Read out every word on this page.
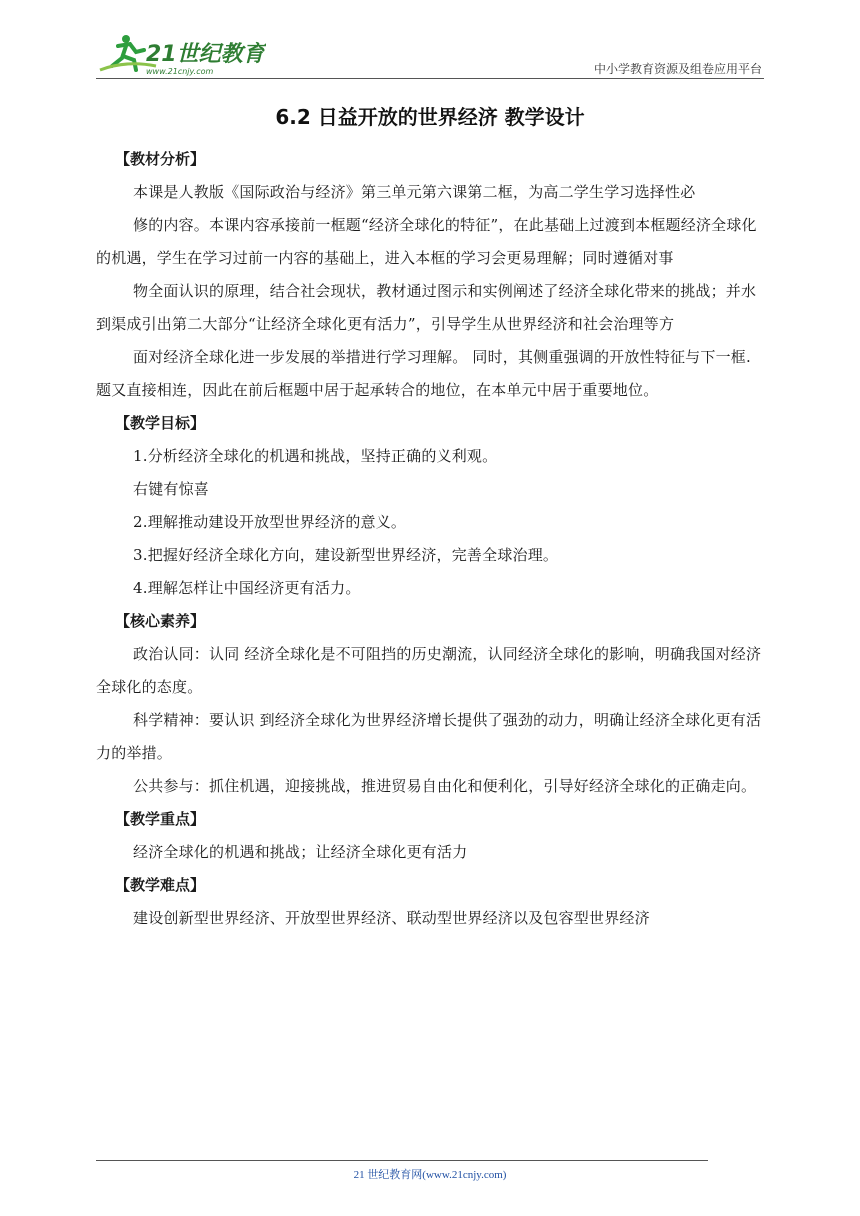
21世纪教育
www.21cnjy.com	中小学教育资源及组卷应用平台
6.2 日益开放的世界经济 教学设计
【教材分析】

本课是人教版《国际政治与经济》第三单元第六课第二框，为高二学生学习选择性必

修的内容。本课内容承接前一框题“经济全球化的特征”，在此基础上过渡到本框题经济全球化的机遇，学生在学习过前一内容的基础上，进入本框的学习会更易理解；同时遵循对事

物全面认识的原理，结合社会现状，教材通过图示和实例阐述了经济全球化带来的挑战；并水到渠成引出第二大部分“让经济全球化更有活力”，引导学生从世界经济和社会治理等方

面对经济全球化进一步发展的举措进行学习理解。 同时，其侧重强调的开放性特征与下一框.题又直接相连，因此在前后框题中居于起承转合的地位，在本单元中居于重要地位。

【教学目标】

1.分析经济全球化的机遇和挑战，坚持正确的义利观。

右键有惊喜

2.理解推动建设开放型世界经济的意义。

3.把握好经济全球化方向，建设新型世界经济，完善全球治理。

4.理解怎样让中国经济更有活力。

【核心素养】

政治认同：认同 经济全球化是不可阻挡的历史潮流，认同经济全球化的影响，明确我国对经济全球化的态度。

科学精神：要认识 到经济全球化为世界经济增长提供了强劲的动力，明确让经济全球化更有活力的举措。

公共参与：抓住机遇，迎接挑战，推进贸易自由化和便利化，引导好经济全球化的正确走向。

【教学重点】

经济全球化的机遇和挑战；让经济全球化更有活力

【教学难点】

建设创新型世界经济、开放型世界经济、联动型世界经济以及包容型世界经济

21 世纪教育网(www.21cnjy.com)
